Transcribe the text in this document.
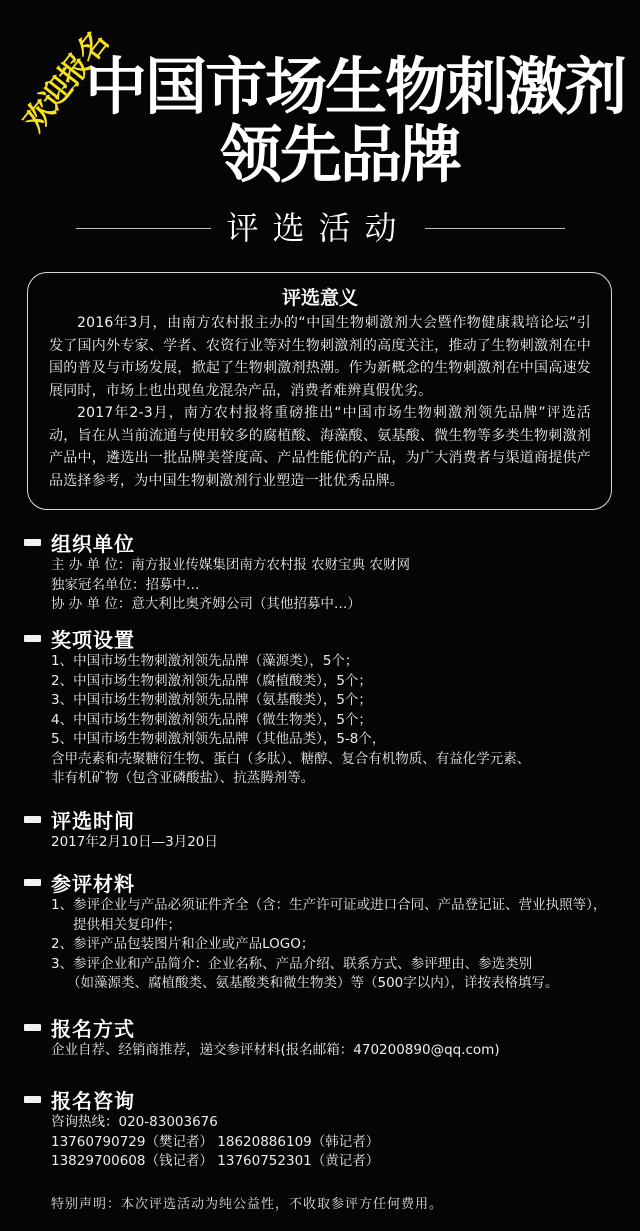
欢迎报名
中国市场生物刺激剂
领先品牌
评选活动
评选意义

2016年3月，由南方农村报主办的“中国生物刺激剂大会暨作物健康栽培论坛”引发了国内外专家、学者、农资行业等对生物刺激剂的高度关注，推动了生物刺激剂在中国的普及与市场发展，掀起了生物刺激剂热潮。作为新概念的生物刺激剂在中国高速发展同时，市场上也出现鱼龙混杂产品，消费者难辨真假优劣。

2017年2-3月，南方农村报将重磅推出“中国市场生物刺激剂领先品牌”评选活动，旨在从当前流通与使用较多的腐植酸、海藻酸、氨基酸、微生物等多类生物刺激剂产品中，遴选出一批品牌美誉度高、产品性能优的产品，为广大消费者与渠道商提供产品选择参考，为中国生物刺激剂行业塑造一批优秀品牌。

组织单位
主 办 单 位：南方报业传媒集团南方农村报 农财宝典 农财网
独家冠名单位：招募中…
协 办 单 位：意大利比奥齐姆公司（其他招募中…）
奖项设置
1、中国市场生物刺激剂领先品牌（藻源类），5个；
2、中国市场生物刺激剂领先品牌（腐植酸类），5个；
3、中国市场生物刺激剂领先品牌（氨基酸类），5个；
4、中国市场生物刺激剂领先品牌（微生物类），5个；
5、中国市场生物刺激剂领先品牌（其他品类），5-8个，
含甲壳素和壳聚糖衍生物、蛋白（多肽）、糖醇、复合有机物质、有益化学元素、
非有机矿物（包含亚磷酸盐）、抗蒸腾剂等。
评选时间
2017年2月10日—3月20日
参评材料
1、参评企业与产品必须证件齐全（含：生产许可证或进口合同、产品登记证、营业执照等），
提供相关复印件；
2、参评产品包装图片和企业或产品LOGO；
3、参评企业和产品简介：企业名称、产品介绍、联系方式、参评理由、参选类别
（如藻源类、腐植酸类、氨基酸类和微生物类）等（500字以内），详按表格填写。
报名方式
企业自荐、经销商推荐，递交参评材料(报名邮箱：470200890@qq.com)
报名咨询
咨询热线：020-83003676
13760790729（樊记者） 18620886109（韩记者）
13829700608（钱记者） 13760752301（黄记者）
特别声明：本次评选活动为纯公益性，不收取参评方任何费用。
